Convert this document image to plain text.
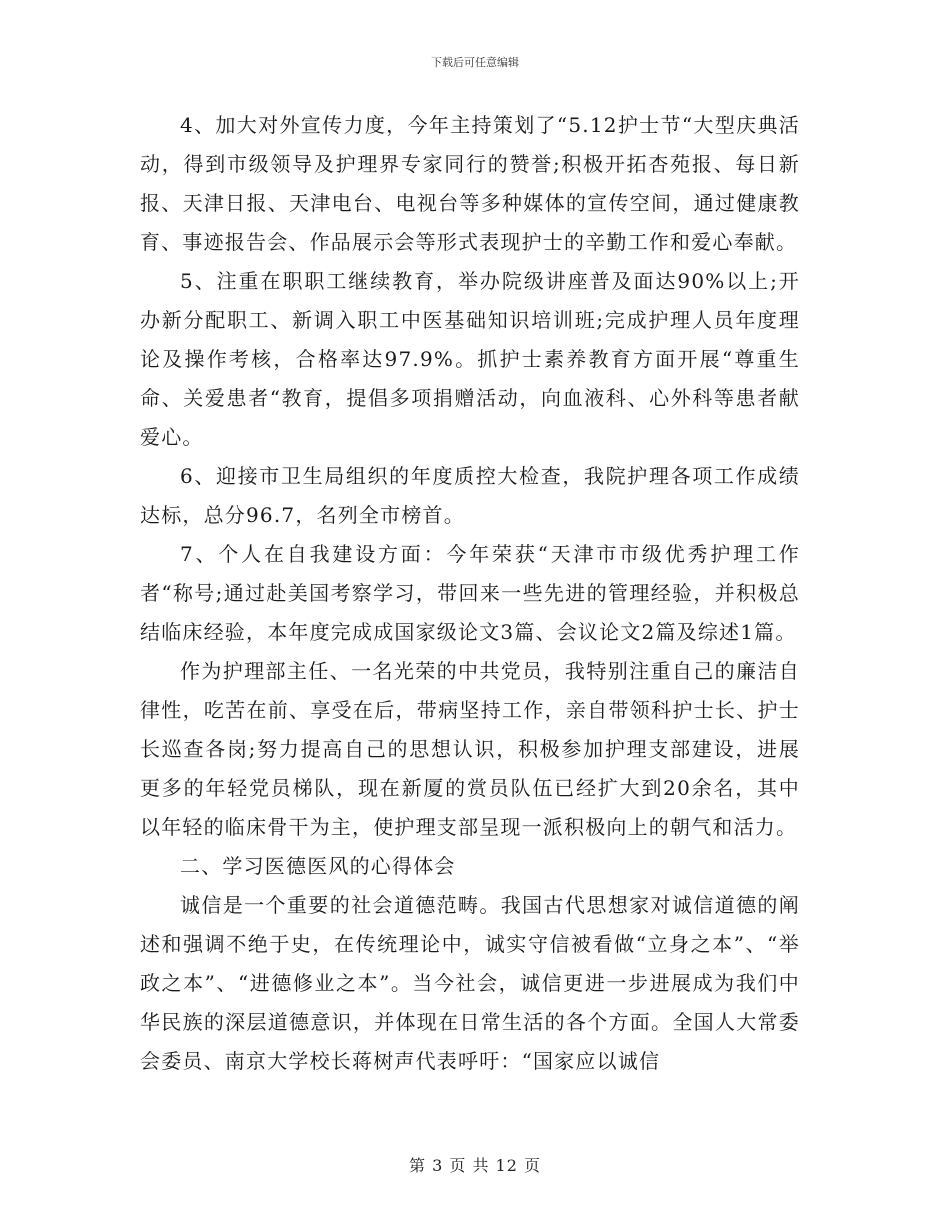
下载后可任意编辑

4、加大对外宣传力度，今年主持策划了“5.12护士节“大型庆典活动，得到市级领导及护理界专家同行的赞誉;积极开拓杏苑报、每日新报、天津日报、天津电台、电视台等多种媒体的宣传空间，通过健康教育、事迹报告会、作品展示会等形式表现护士的辛勤工作和爱心奉献。

5、注重在职职工继续教育，举办院级讲座普及面达90%以上;开办新分配职工、新调入职工中医基础知识培训班;完成护理人员年度理论及操作考核，合格率达97.9%。抓护士素养教育方面开展“尊重生命、关爱患者“教育，提倡多项捐赠活动，向血液科、心外科等患者献爱心。

6、迎接市卫生局组织的年度质控大检查，我院护理各项工作成绩达标，总分96.7，名列全市榜首。

7、个人在自我建设方面：今年荣获“天津市市级优秀护理工作者“称号;通过赴美国考察学习，带回来一些先进的管理经验，并积极总结临床经验，本年度完成成国家级论文3篇、会议论文2篇及综述1篇。

作为护理部主任、一名光荣的中共党员，我特别注重自己的廉洁自律性，吃苦在前、享受在后，带病坚持工作，亲自带领科护士长、护士长巡查各岗;努力提高自己的思想认识，积极参加护理支部建设，进展更多的年轻党员梯队，现在新厦的赏员队伍已经扩大到20余名，其中以年轻的临床骨干为主，使护理支部呈现一派积极向上的朝气和活力。

二、学习医德医风的心得体会

诚信是一个重要的社会道德范畴。我国古代思想家对诚信道德的阐述和强调不绝于史，在传统理论中，诚实守信被看做“立身之本”、“举政之本”、“进德修业之本”。当今社会，诚信更进一步进展成为我们中华民族的深层道德意识，并体现在日常生活的各个方面。全国人大常委会委员、南京大学校长蒋树声代表呼吁：“国家应以诚信

第 3 页 共 12 页
